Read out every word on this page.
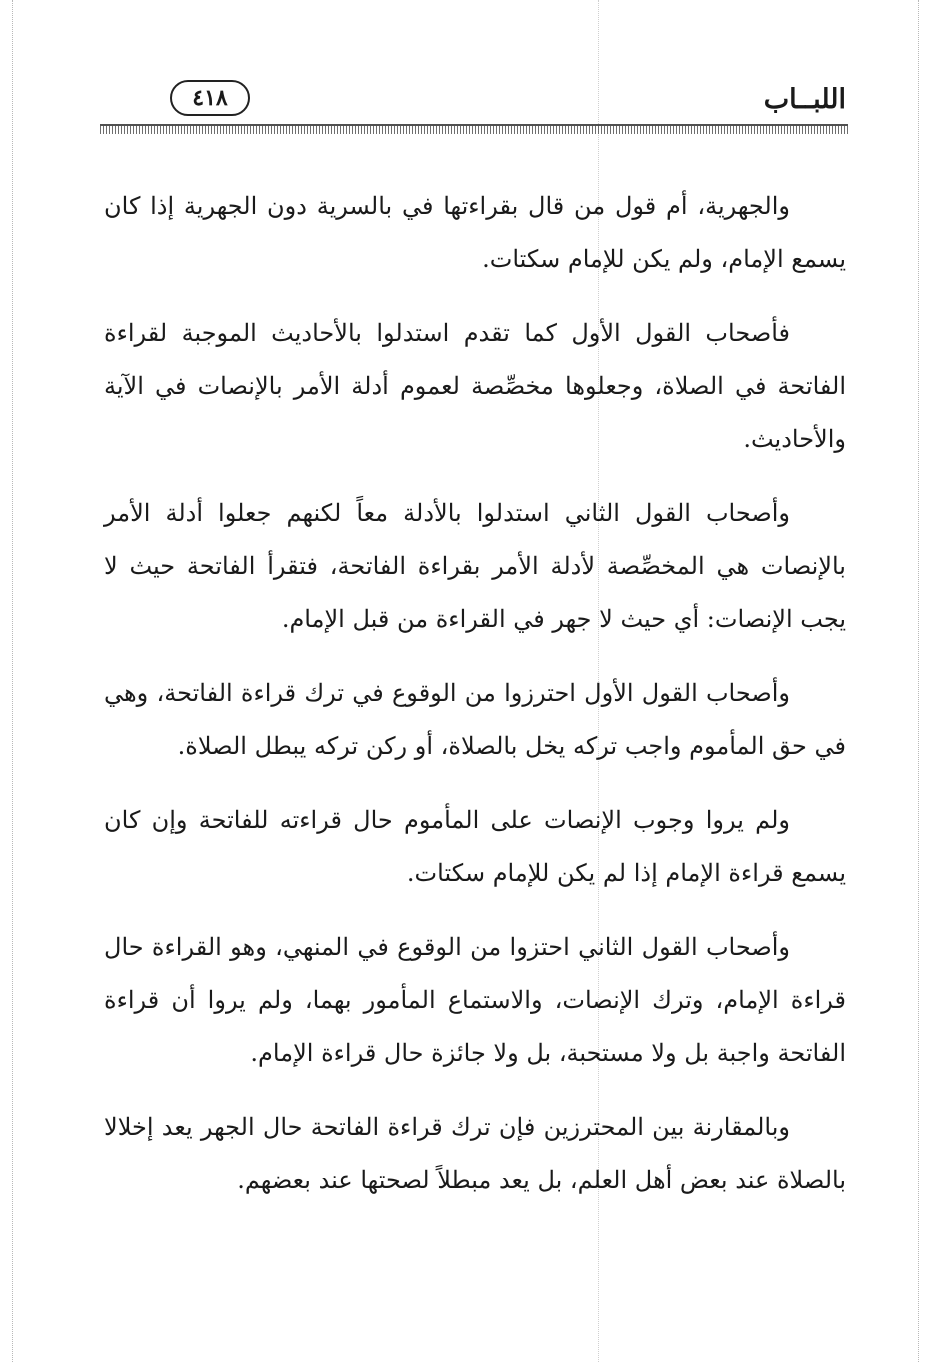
٤١٨	اللبــاب

والجهرية، أم قول من قال بقراءتها في بالسرية دون الجهرية إذا كان يسمع الإمام، ولم يكن للإمام سكتات.

فأصحاب القول الأول كما تقدم استدلوا بالأحاديث الموجبة لقراءة الفاتحة في الصلاة، وجعلوها مخصِّصة لعموم أدلة الأمر بالإنصات في الآية والأحاديث.

وأصحاب القول الثاني استدلوا بالأدلة معاً لكنهم جعلوا أدلة الأمر بالإنصات هي المخصِّصة لأدلة الأمر بقراءة الفاتحة، فتقرأ الفاتحة حيث لا يجب الإنصات: أي حيث لا جهر في القراءة من قبل الإمام.

وأصحاب القول الأول احترزوا من الوقوع في ترك قراءة الفاتحة، وهي في حق المأموم واجب تركه يخل بالصلاة، أو ركن تركه يبطل الصلاة.

ولم يروا وجوب الإنصات على المأموم حال قراءته للفاتحة وإن كان يسمع قراءة الإمام إذا لم يكن للإمام سكتات.

وأصحاب القول الثاني احتزوا من الوقوع في المنهي، وهو القراءة حال قراءة الإمام، وترك الإنصات، والاستماع المأمور بهما، ولم يروا أن قراءة الفاتحة واجبة بل ولا مستحبة، بل ولا جائزة حال قراءة الإمام.

وبالمقارنة بين المحترزين فإن ترك قراءة الفاتحة حال الجهر يعد إخلالا بالصلاة عند بعض أهل العلم، بل يعد مبطلاً لصحتها عند بعضهم.
